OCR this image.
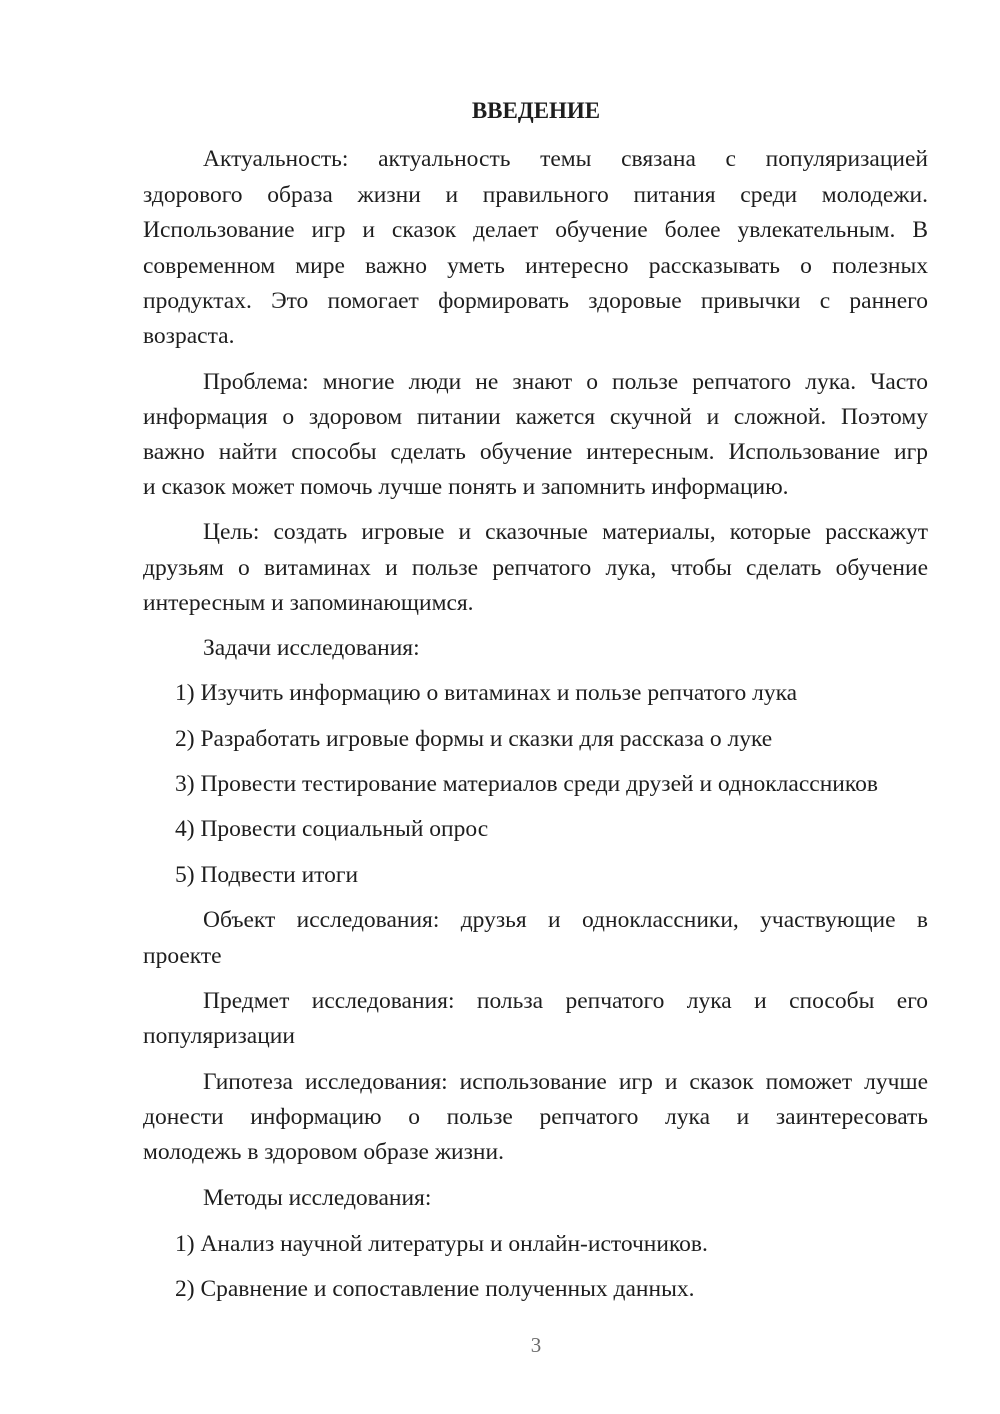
ВВЕДЕНИЕ
Актуальность: актуальность темы связана с популяризацией
здорового образа жизни и правильного питания среди молодежи.
Использование игр и сказок делает обучение более увлекательным. В
современном мире важно уметь интересно рассказывать о полезных
продуктах. Это помогает формировать здоровые привычки с раннего
возраста.
Проблема: многие люди не знают о пользе репчатого лука. Часто
информация о здоровом питании кажется скучной и сложной. Поэтому
важно найти способы сделать обучение интересным. Использование игр
и сказок может помочь лучше понять и запомнить информацию.
Цель: создать игровые и сказочные материалы, которые расскажут
друзьям о витаминах и пользе репчатого лука, чтобы сделать обучение
интересным и запоминающимся.
Задачи исследования:
1) Изучить информацию о витаминах и пользе репчатого лука
2) Разработать игровые формы и сказки для рассказа о луке
3) Провести тестирование материалов среди друзей и одноклассников
4) Провести социальный опрос
5) Подвести итоги
Объект исследования: друзья и одноклассники, участвующие в
проекте
Предмет исследования: польза репчатого лука и способы его
популяризации
Гипотеза исследования: использование игр и сказок поможет лучше
донести информацию о пользе репчатого лука и заинтересовать
молодежь в здоровом образе жизни.
Методы исследования:
1) Анализ научной литературы и онлайн-источников.
2) Сравнение и сопоставление полученных данных.
3
